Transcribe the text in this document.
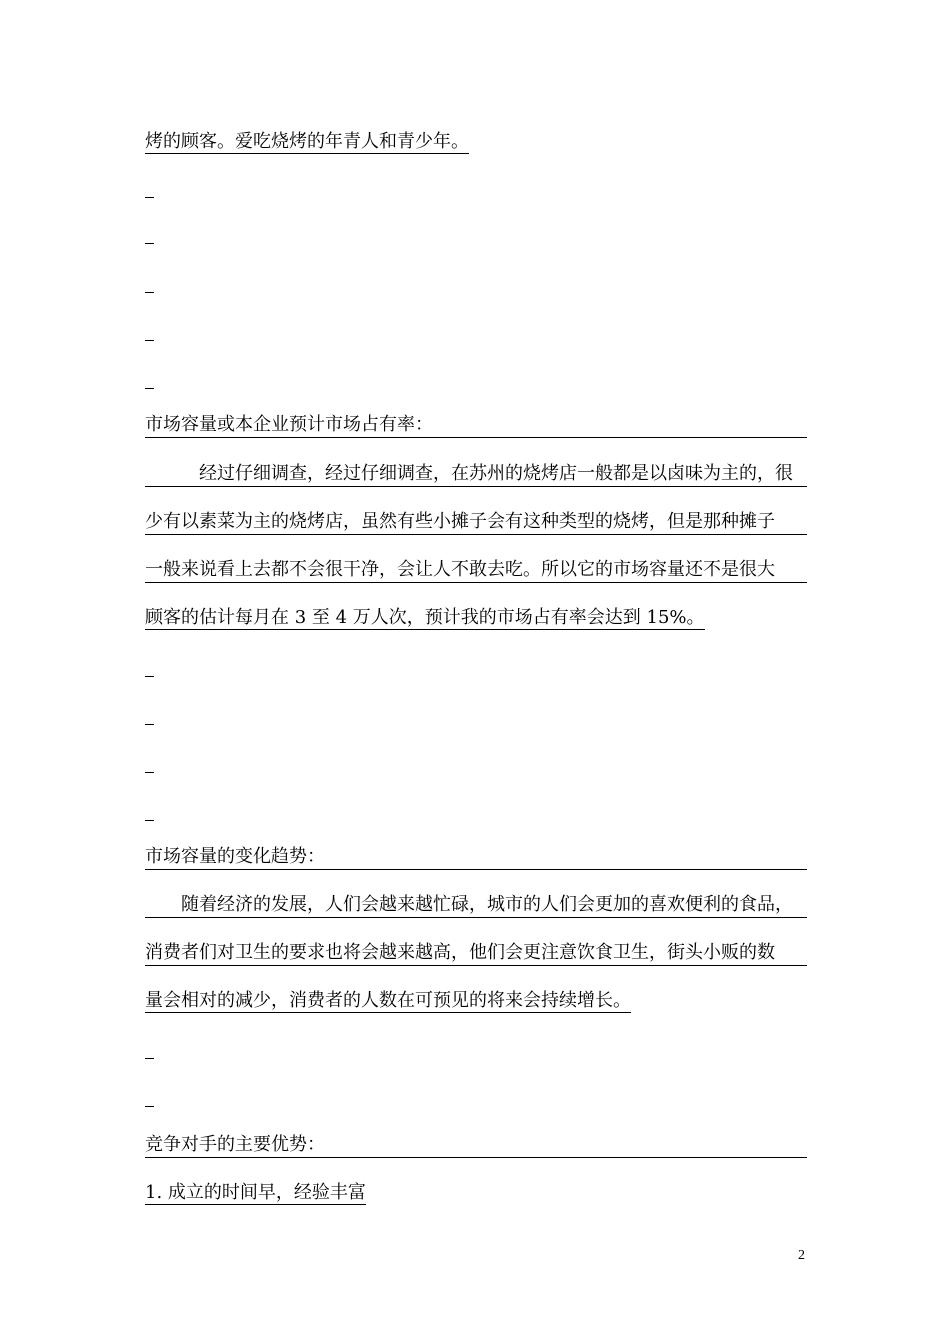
烤的顾客。爱吃烧烤的年青人和青少年。
市场容量或本企业预计市场占有率：
　　　经过仔细调查，经过仔细调查，在苏州的烧烤店一般都是以卤味为主的，很
少有以素菜为主的烧烤店，虽然有些小摊子会有这种类型的烧烤，但是那种摊子
一般来说看上去都不会很干净，会让人不敢去吃。所以它的市场容量还不是很大
顾客的估计每月在 3 至 4 万人次，预计我的市场占有率会达到 15%。
市场容量的变化趋势：
　　随着经济的发展，人们会越来越忙碌，城市的人们会更加的喜欢便利的食品，
消费者们对卫生的要求也将会越来越高，他们会更注意饮食卫生，街头小贩的数
量会相对的减少，消费者的人数在可预见的将来会持续增长。
竞争对手的主要优势：
1. 成立的时间早，经验丰富
2
